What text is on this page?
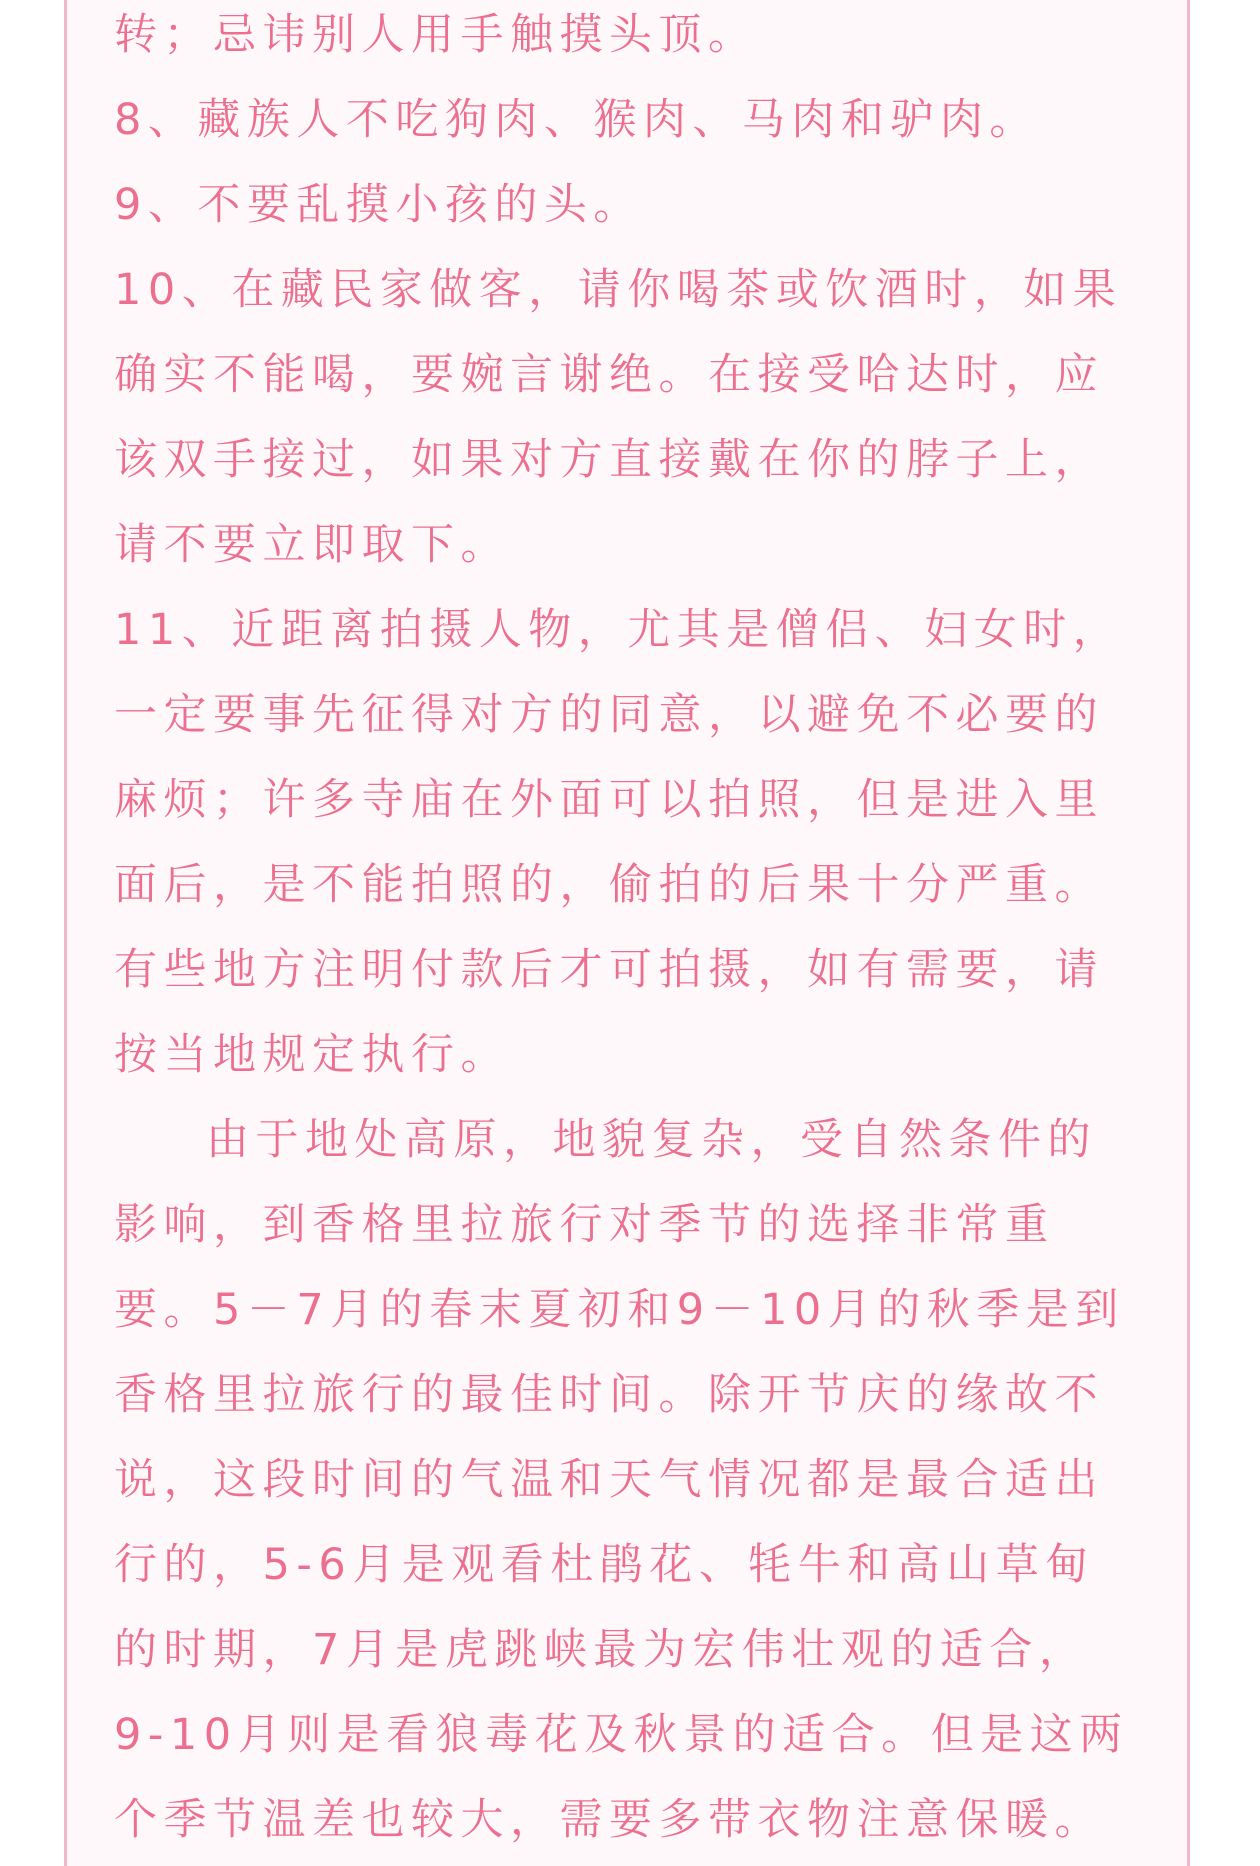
转；忌讳别人用手触摸头顶。
8、藏族人不吃狗肉、猴肉、马肉和驴肉。
9、不要乱摸小孩的头。
10、在藏民家做客，请你喝茶或饮酒时，如果
确实不能喝，要婉言谢绝。在接受哈达时，应
该双手接过，如果对方直接戴在你的脖子上，
请不要立即取下。
11、近距离拍摄人物，尤其是僧侣、妇女时，
一定要事先征得对方的同意，以避免不必要的
麻烦；许多寺庙在外面可以拍照，但是进入里
面后，是不能拍照的，偷拍的后果十分严重。
有些地方注明付款后才可拍摄，如有需要，请
按当地规定执行。
由于地处高原，地貌复杂，受自然条件的
影响，到香格里拉旅行对季节的选择非常重
要。5－7月的春末夏初和9－10月的秋季是到
香格里拉旅行的最佳时间。除开节庆的缘故不
说，这段时间的气温和天气情况都是最合适出
行的，5-6月是观看杜鹃花、牦牛和高山草甸
的时期，7月是虎跳峡最为宏伟壮观的适合，
9-10月则是看狼毒花及秋景的适合。但是这两
个季节温差也较大，需要多带衣物注意保暖。
